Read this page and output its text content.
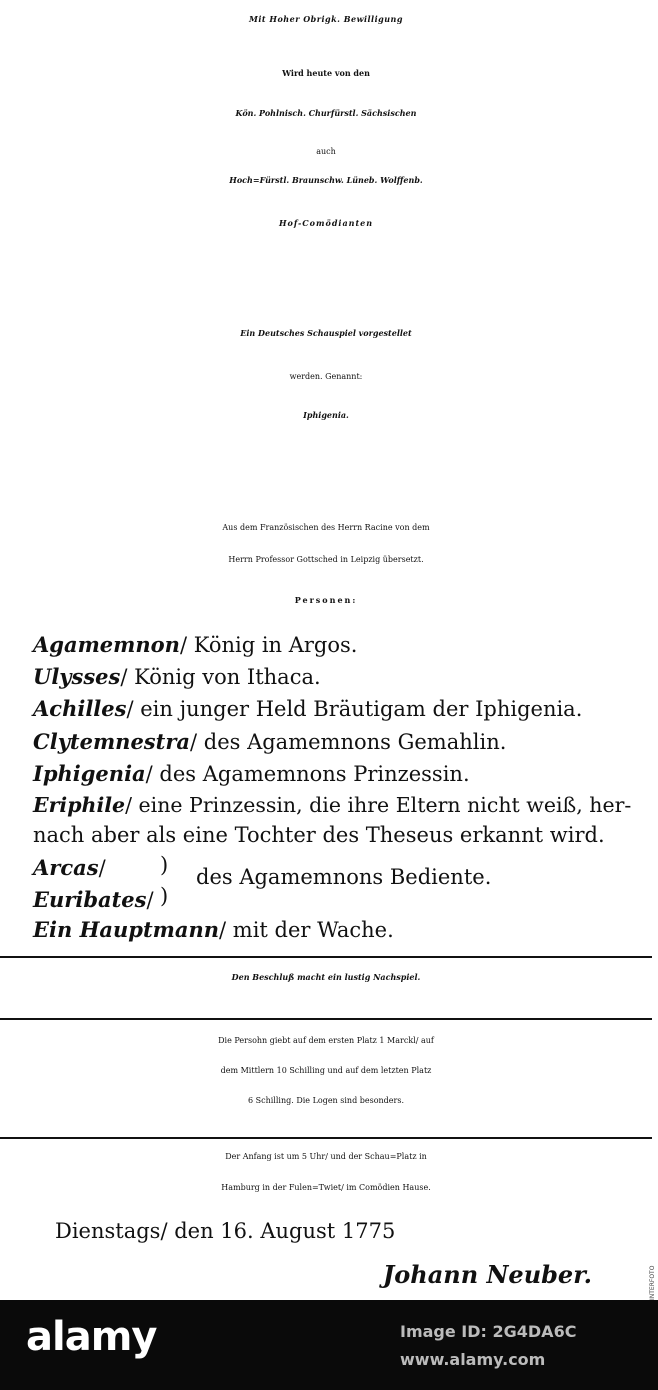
Mit Hoher Obrigk. Bewilligung
Wird heute von den
Kön. Pohlnisch. Churfürstl. Sächsischen
auch
Hoch=Fürstl. Braunschw. Lüneb. Wolffenb.
Hof-Comödianten
Ein Deutsches Schauspiel vorgestellet
werden. Genannt:
Iphigenia.
Aus dem Französischen des Herrn Racine von dem
Herrn Professor Gottsched in Leipzig übersetzt.
Personen:
Agamemnon/ König in Argos.
Ulysses/ König von Ithaca.
Achilles/ ein junger Held Bräutigam der Iphigenia.
Clytemnestra/ des Agamemnons Gemahlin.
Iphigenia/ des Agamemnons Prinzessin.
Eriphile/ eine Prinzessin, die ihre Eltern nicht weiß, her-
nach aber als eine Tochter des Theseus erkannt wird.
Arcas/
Euribates/
)
)
des Agamemnons Bediente.
Ein Hauptmann/ mit der Wache.
Den Beschluß macht ein lustig Nachspiel.
Die Persohn giebt auf dem ersten Platz 1 Marckl/ auf
dem Mittlern 10 Schilling und auf dem letzten Platz
6 Schilling. Die Logen sind besonders.
Der Anfang ist um 5 Uhr/ und der Schau=Platz in
Hamburg in der Fulen=Twiet/ im Comödien Hause.
Dienstags/ den 16. August 1775
Johann Neuber.
alamy	Image ID: 2G4DA6C
www.alamy.com
